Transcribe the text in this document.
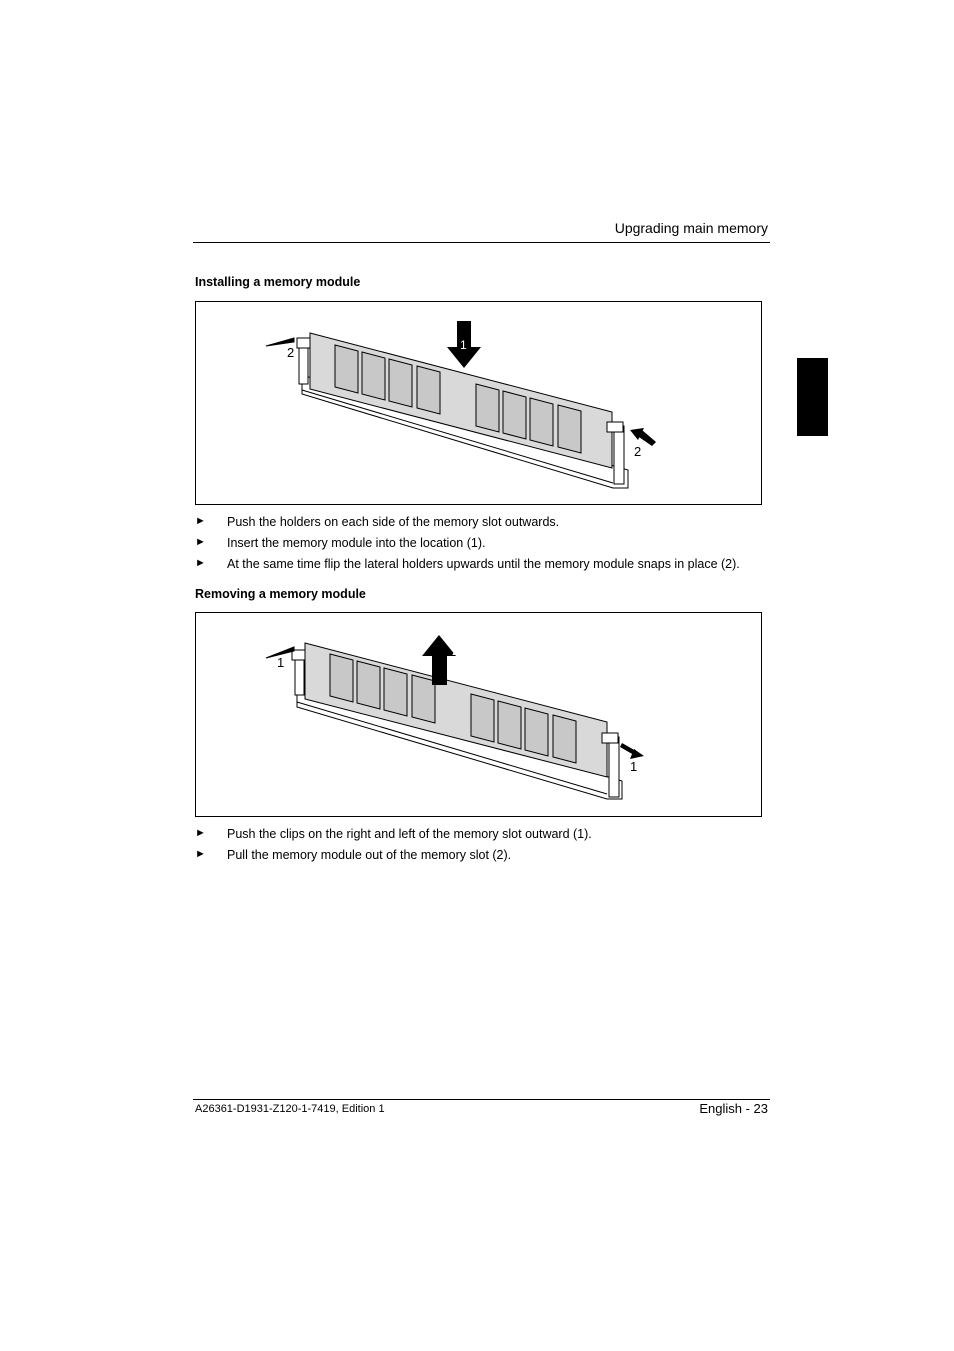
Upgrading main memory
Installing a memory module
1
2
2
► Push the holders on each side of the memory slot outwards.
► Insert the memory module into the location (1).
► At the same time flip the lateral holders upwards until the memory module snaps in place (2).
Removing a memory module
2
1
1
► Push the clips on the right and left of the memory slot outward (1).
► Pull the memory module out of the memory slot (2).
A26361-D1931-Z120-1-7419, Edition 1	English - 23
